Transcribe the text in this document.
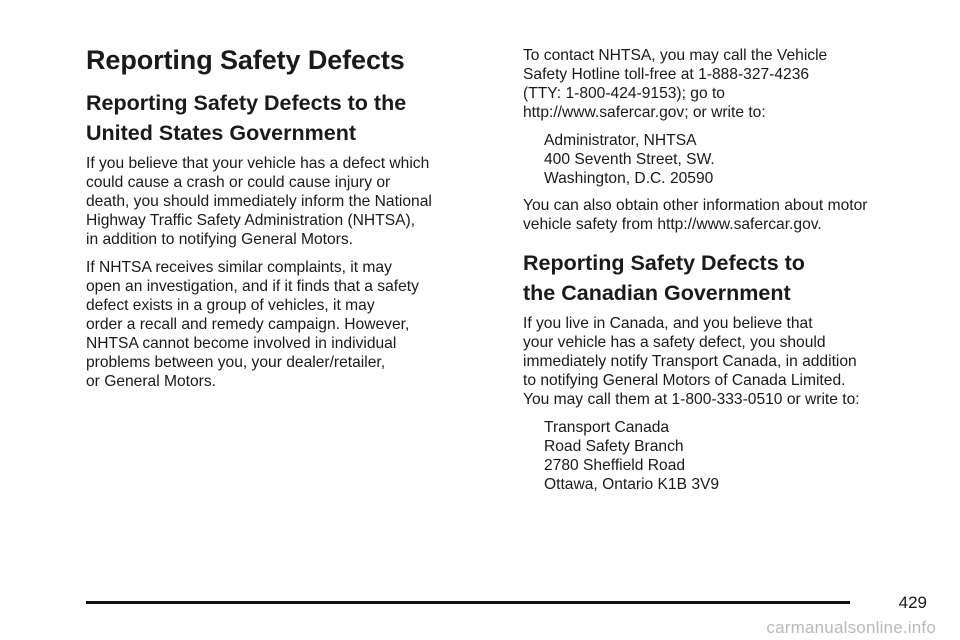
Reporting Safety Defects
Reporting Safety Defects to the
United States Government
If you believe that your vehicle has a defect which
could cause a crash or could cause injury or
death, you should immediately inform the National
Highway Traffic Safety Administration (NHTSA),
in addition to notifying General Motors.
If NHTSA receives similar complaints, it may
open an investigation, and if it finds that a safety
defect exists in a group of vehicles, it may
order a recall and remedy campaign. However,
NHTSA cannot become involved in individual
problems between you, your dealer/retailer,
or General Motors.
To contact NHTSA, you may call the Vehicle
Safety Hotline toll-free at 1-888-327-4236
(TTY: 1-800-424-9153); go to
http://www.safercar.gov; or write to:
Administrator, NHTSA
400 Seventh Street, SW.
Washington, D.C. 20590
You can also obtain other information about motor
vehicle safety from http://www.safercar.gov.
Reporting Safety Defects to
the Canadian Government
If you live in Canada, and you believe that
your vehicle has a safety defect, you should
immediately notify Transport Canada, in addition
to notifying General Motors of Canada Limited.
You may call them at 1-800-333-0510 or write to:
Transport Canada
Road Safety Branch
2780 Sheffield Road
Ottawa, Ontario K1B 3V9
429
carmanualsonline.info
